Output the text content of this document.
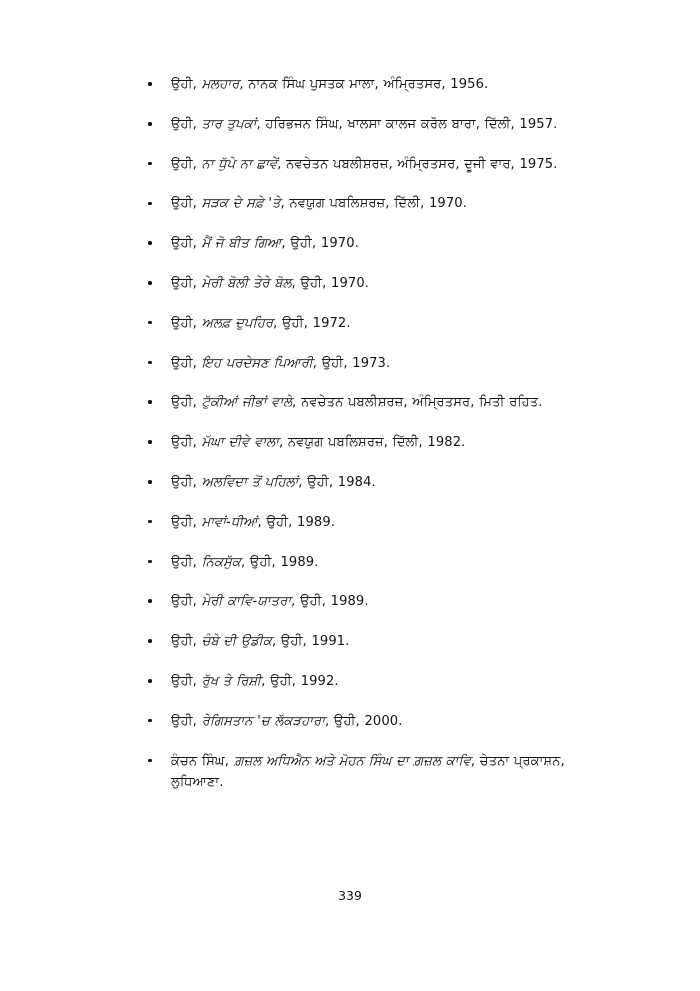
ਉਹੀ, ਮਲਹਾਰ, ਨਾਨਕ ਸਿੰਘ ਪੁਸਤਕ ਮਾਲਾ, ਅੰਮ੍ਰਿਤਸਰ, 1956.
ਉਹੀ, ਤਾਰ ਤੁਪਕਾਂ, ਹਰਿਭਜਨ ਸਿੰਘ, ਖਾਲਸਾ ਕਾਲਜ ਕਰੋਲ ਬਾਰਾ, ਦਿੱਲੀ, 1957.
ਉਹੀ, ਨਾ ਧੁੱਪੇ ਨਾ ਛਾਵੇਂ, ਨਵਚੇਤਨ ਪਬਲੀਸ਼ਰਜ਼, ਅੰਮ੍ਰਿਤਸਰ, ਦੂਜੀ ਵਾਰ, 1975.
ਉਹੀ, ਸੜਕ ਦੇ ਸਫ਼ੇ 'ਤੇ, ਨਵਯੁਗ ਪਬਲਿਸ਼ਰਜ਼, ਦਿੱਲੀ, 1970.
ਉਹੀ, ਮੈਂ ਜੋ ਬੀਤ ਗਿਆ, ਉਹੀ, 1970.
ਉਹੀ, ਮੇਰੀ ਬੋਲੀ ਤੇਰੇ ਬੋਲ, ਉਹੀ, 1970.
ਉਹੀ, ਅਲਫ਼ ਦੁਪਹਿਰ, ਉਹੀ, 1972.
ਉਹੀ, ਇਹ ਪਰਦੇਸਣ ਪਿਆਰੀ, ਉਹੀ, 1973.
ਉਹੀ, ਟੁੱਕੀਆਂ ਜੀਭਾਂ ਵਾਲੇ, ਨਵਚੇਤਨ ਪਬਲੀਸ਼ਰਜ਼, ਅੰਮ੍ਰਿਤਸਰ, ਮਿਤੀ ਰਹਿਤ.
ਉਹੀ, ਮੱਘਾ ਦੀਵੇ ਵਾਲਾ, ਨਵਯੁਗ ਪਬਲਿਸ਼ਰਜ਼, ਦਿੱਲੀ, 1982.
ਉਹੀ, ਅਲਵਿਦਾ ਤੋਂ ਪਹਿਲਾਂ, ਉਹੀ, 1984.
ਉਹੀ, ਮਾਵਾਂ-ਧੀਆਂ, ਉਹੀ, 1989.
ਉਹੀ, ਨਿਕਸੁੱਕ, ਉਹੀ, 1989.
ਉਹੀ, ਮੇਰੀ ਕਾਵਿ-ਯਾਤਰਾ, ਉਹੀ, 1989.
ਉਹੀ, ਚੰਬੇ ਦੀ ਉਡੀਕ, ਉਹੀ, 1991.
ਉਹੀ, ਰੁੱਖ ਤੇ ਰਿਸ਼ੀ, ਉਹੀ, 1992.
ਉਹੀ, ਰੇਗਿਸਤਾਨ 'ਚ ਲੱਕੜਹਾਰਾ, ਉਹੀ, 2000.
ਕੰਚਨ ਸਿੰਘ, ਗ਼ਜ਼ਲ ਅਧਿਐਨ ਅਤੇ ਮੋਹਨ ਸਿੰਘ ਦਾ ਗ਼ਜ਼ਲ ਕਾਵਿ, ਚੇਤਨਾ ਪ੍ਰਕਾਸ਼ਨ, ਲੁਧਿਆਣਾ.
339
